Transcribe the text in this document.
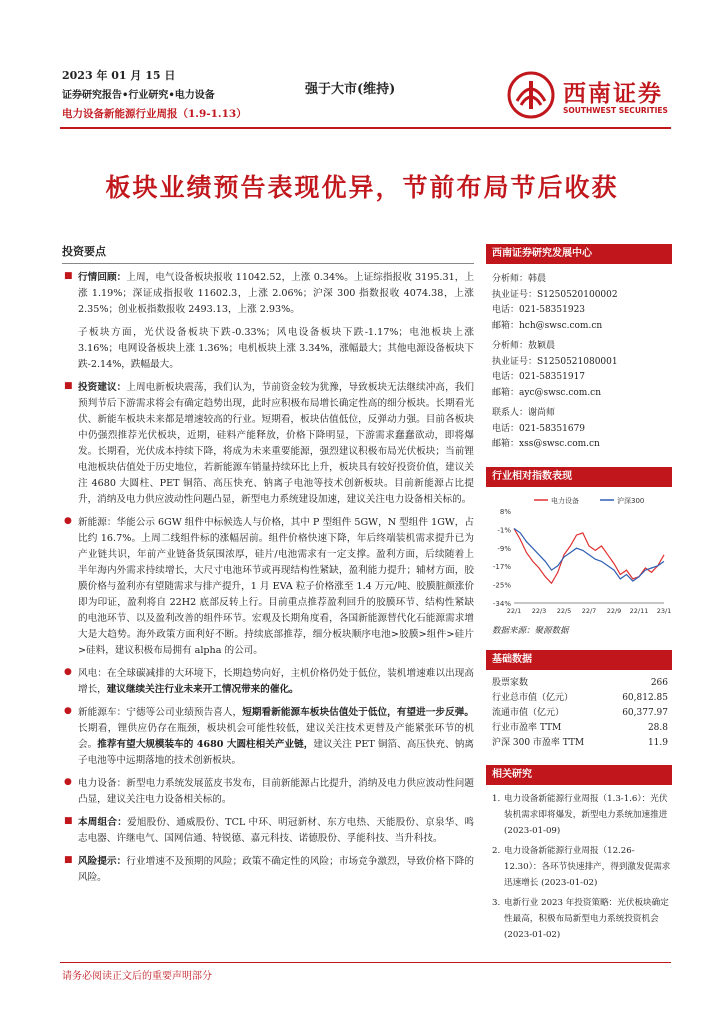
2023 年 01 月 15 日
证券研究报告•行业研究•电力设备
电力设备新能源行业周报（1.9-1.13）
强于大市(维持)	西南证券
SOUTHWEST SECURITIES
板块业绩预告表现优异，节前布局节后收获
投资要点
■ 行情回顾：上周，电气设备板块报收 11042.52，上涨 0.34%。上证综指报收 3195.31，上涨 1.19%；深证成指报收 11602.3，上涨 2.06%；沪深 300 指数报收 4074.38，上涨 2.35%；创业板指数报收 2493.13，上涨 2.93%。
子板块方面，光伏设备板块下跌-0.33%；风电设备板块下跌-1.17%；电池板块上涨 3.16%；电网设备板块上涨 1.36%；电机板块上涨 3.34%，涨幅最大；其他电源设备板块下跌-2.14%，跌幅最大。
■ 投资建议：上周电新板块震荡，我们认为，节前资金较为犹豫，导致板块无法继续冲高，我们预判节后下游需求将会有确定趋势出现，此时应积极布局增长确定性高的细分板块。长期看光伏、新能车板块未来都是增速较高的行业。短期看，板块估值低位，反弹动力强。目前各板块中仍强烈推荐光伏板块，近期，硅料产能释放，价格下降明显，下游需求蠢蠢欲动，即将爆发。长期看，光伏成本持续下降，将成为未来重要能源，强烈建议积极布局光伏板块；当前锂电池板块估值处于历史地位，若新能源车销量持续环比上升，板块具有较好投资价值，建议关注 4680 大圆柱、PET 铜箔、高压快充、钠离子电池等技术创新板块。目前新能源占比提升，消纳及电力供应波动性问题凸显，新型电力系统建设加速，建议关注电力设备相关标的。
● 新能源：华能公示 6GW 组件中标候选人与价格，其中 P 型组件 5GW，N 型组件 1GW，占比约 16.7%。上周二线组件标的涨幅居前。组件价格快速下降，年后终端装机需求提升已为产业链共识，年前产业链备货氛围浓厚，硅片/电池需求有一定支撑。盈利方面，后续随着上半年海内外需求持续增长，大尺寸电池环节或再现结构性紧缺，盈利能力提升；辅材方面，胶膜价格与盈利亦有望随需求与排产提升，1 月 EVA 粒子价格涨至 1.4 万元/吨、胶膜脏颜涨价即为印证，盈利将自 22H2 底部反转上行。目前重点推荐盈利回升的胶膜环节、结构性紧缺的电池环节、以及盈利改善的组件环节。宏观及长期角度看，各国新能源替代化石能源需求增大是大趋势。海外政策方面利好不断。持续底部推荐，细分板块顺序电池>胶膜>组件>硅片>硅料，建议积极布局拥有 alpha 的公司。
● 风电：在全球碳减排的大环境下，长期趋势向好，主机价格仍处于低位，装机增速难以出现高增长，建议继续关注行业未来开工情况带来的催化。
● 新能源车：宁德等公司业绩预告喜人，短期看新能源车板块估值处于低位，有望进一步反弹。长期看，锂供应仍存在瓶颈，板块机会可能性较低，建议关注技术更替及产能紧张环节的机会。推荐有望大规模装车的 4680 大圆柱相关产业链，建议关注 PET 铜箔、高压快充、钠离子电池等中远期落地的技术创新板块。
● 电力设备：新型电力系统发展蓝皮书发布，目前新能源占比提升，消纳及电力供应波动性问题凸显，建议关注电力设备相关标的。
■ 本周组合：爱旭股份、通威股份、TCL 中环、明冠新材、东方电热、天能股份、京泉华、鸣志电器、许继电气、国网信通、特锐德、嘉元科技、诺德股份、孚能科技、当升科技。
■ 风险提示：行业增速不及预期的风险；政策不确定性的风险；市场竞争激烈，导致价格下降的风险。
西南证券研究发展中心
分析师：韩晨
执业证号：S1250520100002
电话：021-58351923
邮箱：hch@swsc.com.cn
分析师：敖颖晨
执业证号：S1250521080001
电话：021-58351917
邮箱：ayc@swsc.com.cn
联系人：谢尚师
电话：021-58351679
邮箱：xss@swsc.com.cn
行业相对指数表现
8%
-1%
-9%
-17%
-25%
-34%
22/1 22/3 22/5 22/7 22/9 22/11 23/1
电力设备	沪深300
数据来源：聚源数据
基础数据
股票家数	266
行业总市值（亿元）	60,812.85
流通市值（亿元）	60,377.97
行业市盈率 TTM	28.8
沪深 300 市盈率 TTM	11.9
相关研究
1. 电力设备新能源行业周报（1.3-1.6）：光伏装机需求即将爆发，新型电力系统加速推进 (2023-01-09)
2. 电力设备新能源行业周报（12.26-12.30）：各环节快速排产，得到激发促需求迅速增长 (2023-01-02)
3. 电新行业 2023 年投资策略：光伏板块确定性最高，积极布局新型电力系统投资机会 (2023-01-02)
请务必阅读正文后的重要声明部分
